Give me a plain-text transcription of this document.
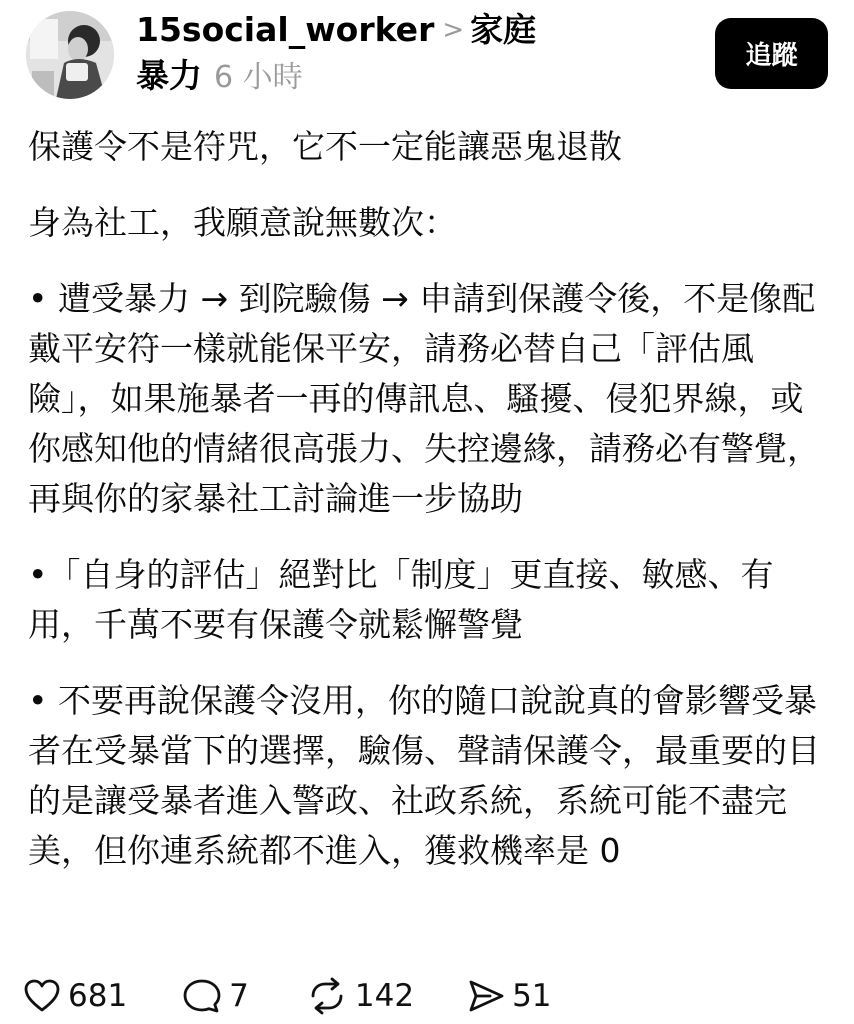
15social_worker > 家庭
暴力 6 小時
追蹤

保護令不是符咒，它不一定能讓惡鬼退散

身為社工，我願意說無數次：

• 遭受暴力 → 到院驗傷 → 申請到保護令後，不是像配戴平安符一樣就能保平安，請務必替自己「評估風險」，如果施暴者一再的傳訊息、騷擾、侵犯界線，或你感知他的情緒很高張力、失控邊緣，請務必有警覺，再與你的家暴社工討論進一步協助

•「自身的評估」絕對比「制度」更直接、敏感、有用，千萬不要有保護令就鬆懈警覺

• 不要再說保護令沒用，你的隨口說說真的會影響受暴者在受暴當下的選擇，驗傷、聲請保護令，最重要的目的是讓受暴者進入警政、社政系統，系統可能不盡完美，但你連系統都不進入，獲救機率是 0

681	7	142	51
